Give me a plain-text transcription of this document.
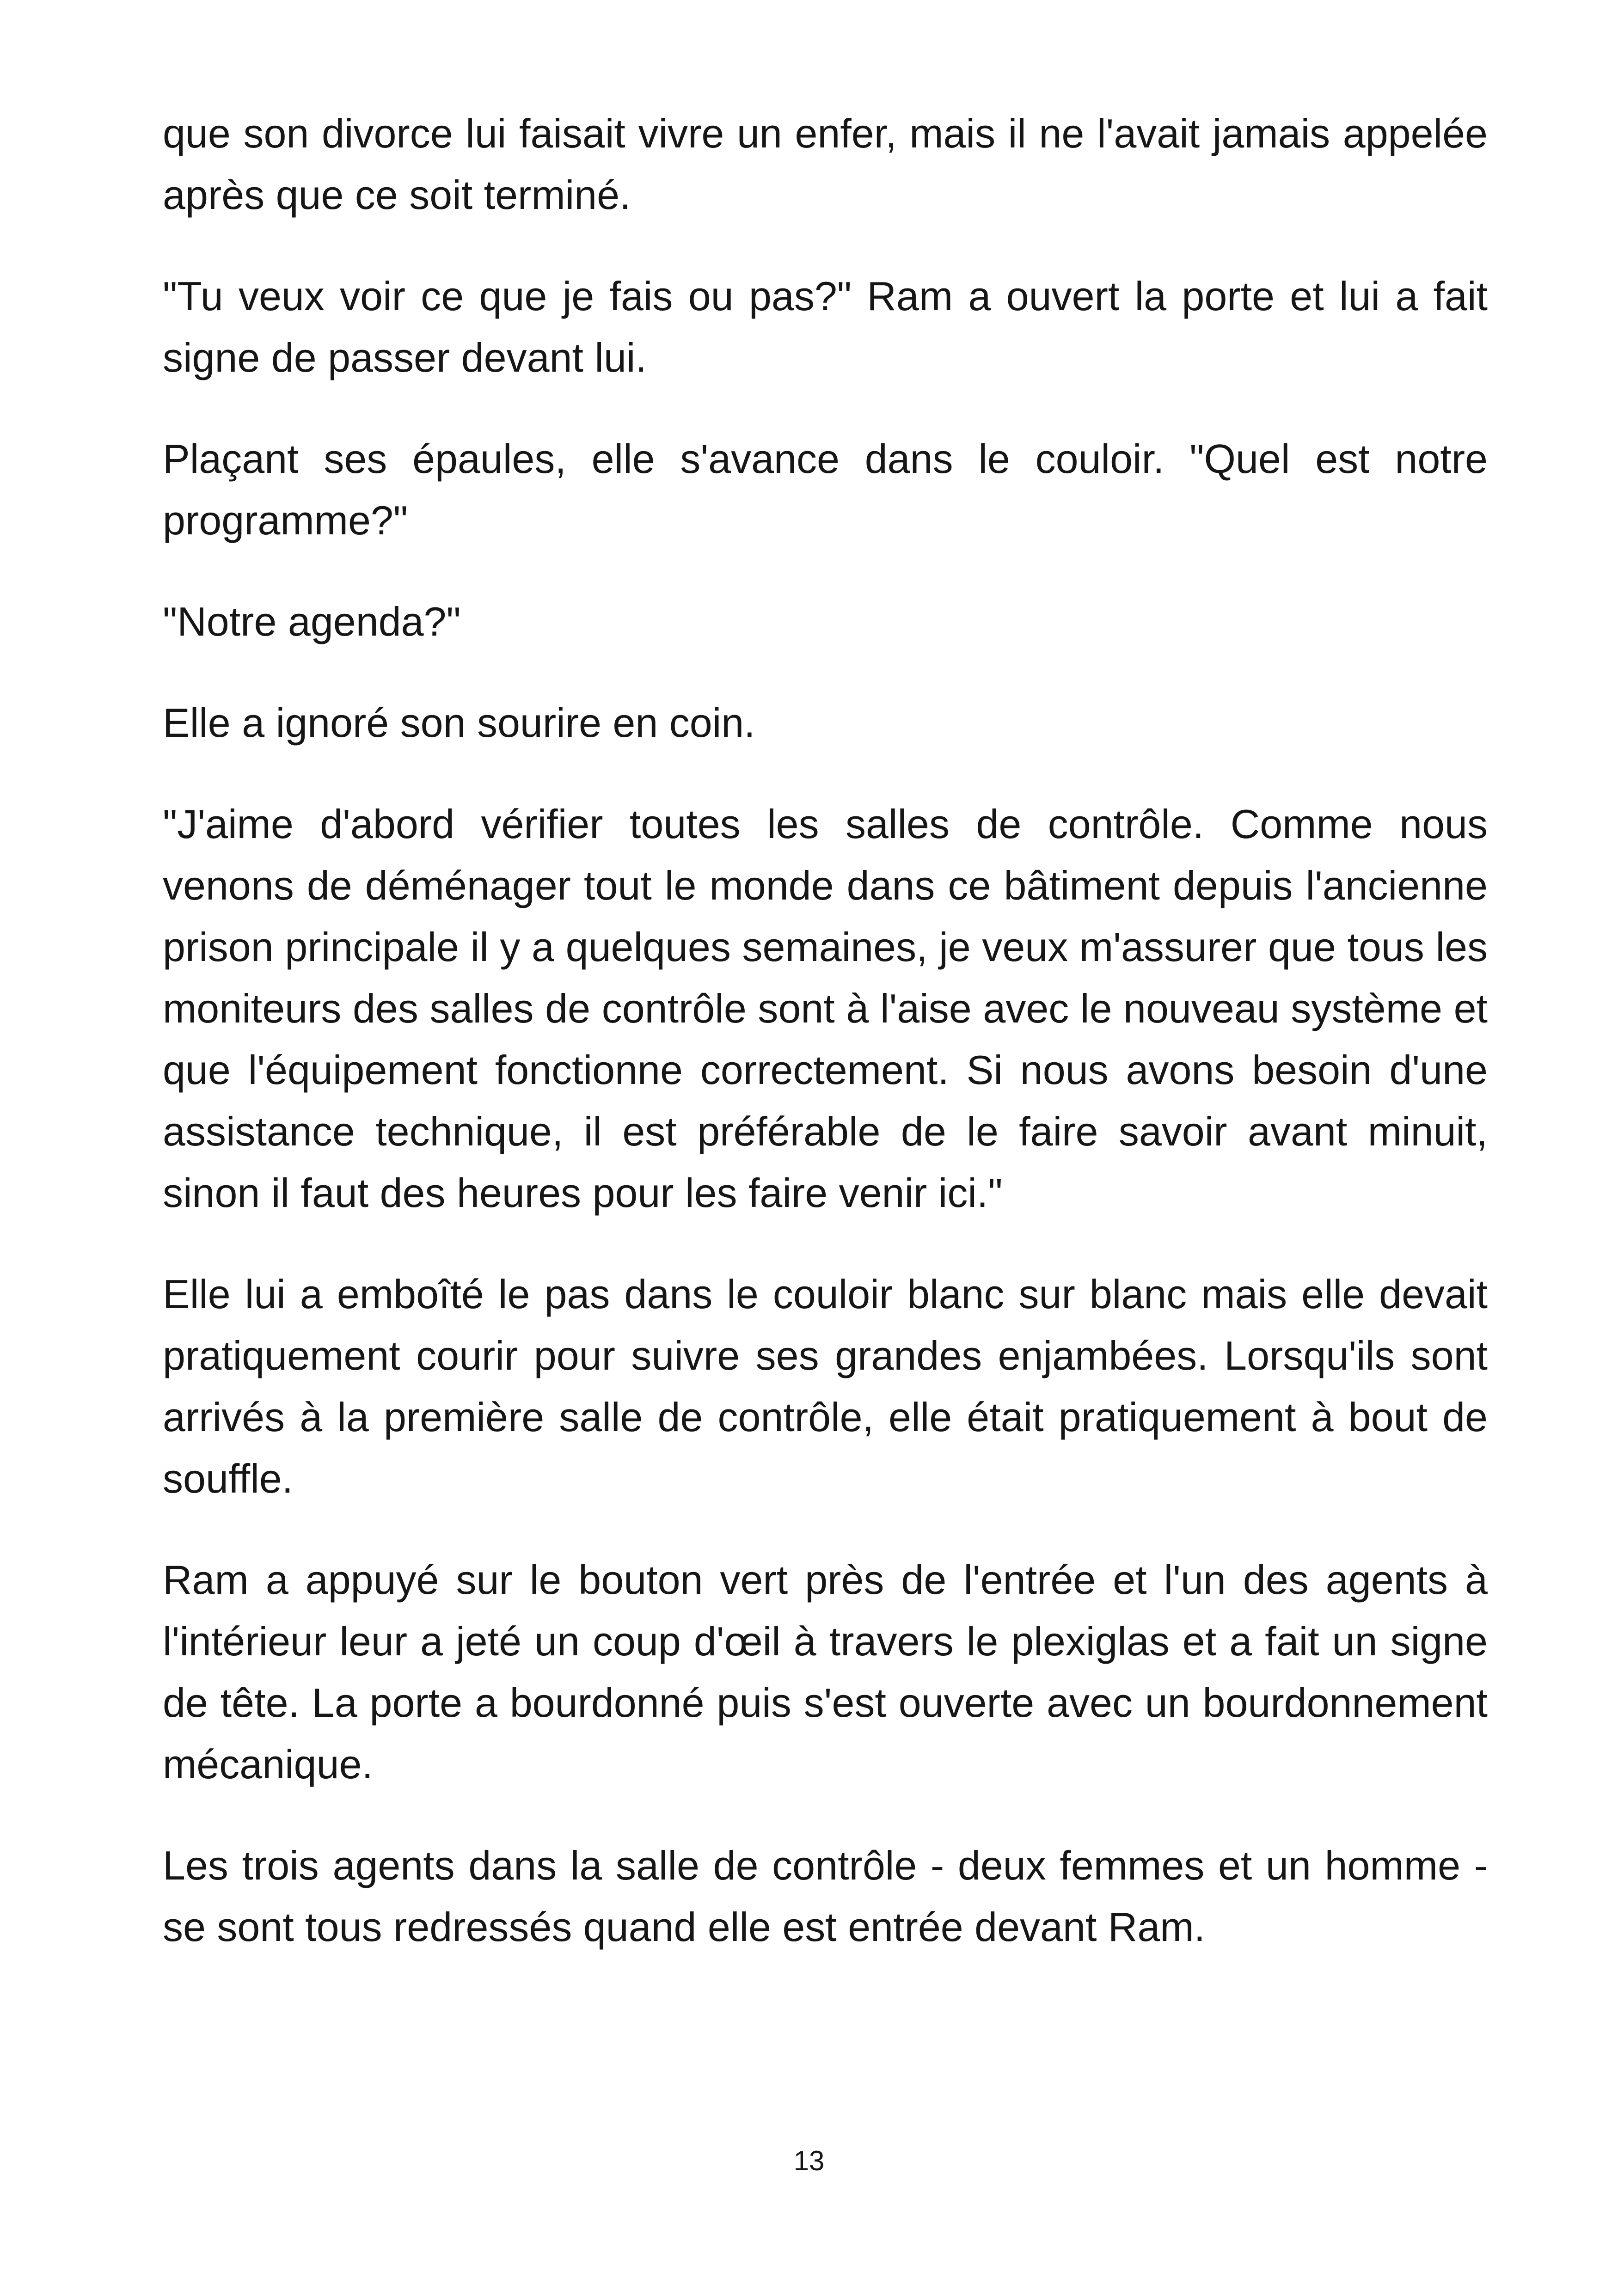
que son divorce lui faisait vivre un enfer, mais il ne l'avait jamais appelée après que ce soit terminé.

"Tu veux voir ce que je fais ou pas?" Ram a ouvert la porte et lui a fait signe de passer devant lui.

Plaçant ses épaules, elle s'avance dans le couloir. "Quel est notre programme?"

"Notre agenda?"

Elle a ignoré son sourire en coin.

"J'aime d'abord vérifier toutes les salles de contrôle. Comme nous venons de déménager tout le monde dans ce bâtiment depuis l'ancienne prison principale il y a quelques semaines, je veux m'assurer que tous les moniteurs des salles de contrôle sont à l'aise avec le nouveau système et que l'équipement fonctionne correctement. Si nous avons besoin d'une assistance technique, il est préférable de le faire savoir avant minuit, sinon il faut des heures pour les faire venir ici."

Elle lui a emboîté le pas dans le couloir blanc sur blanc mais elle devait pratiquement courir pour suivre ses grandes enjambées. Lorsqu'ils sont arrivés à la première salle de contrôle, elle était pratiquement à bout de souffle.

Ram a appuyé sur le bouton vert près de l'entrée et l'un des agents à l'intérieur leur a jeté un coup d'œil à travers le plexiglas et a fait un signe de tête. La porte a bourdonné puis s'est ouverte avec un bourdonnement mécanique.

Les trois agents dans la salle de contrôle - deux femmes et un homme - se sont tous redressés quand elle est entrée devant Ram.

13
